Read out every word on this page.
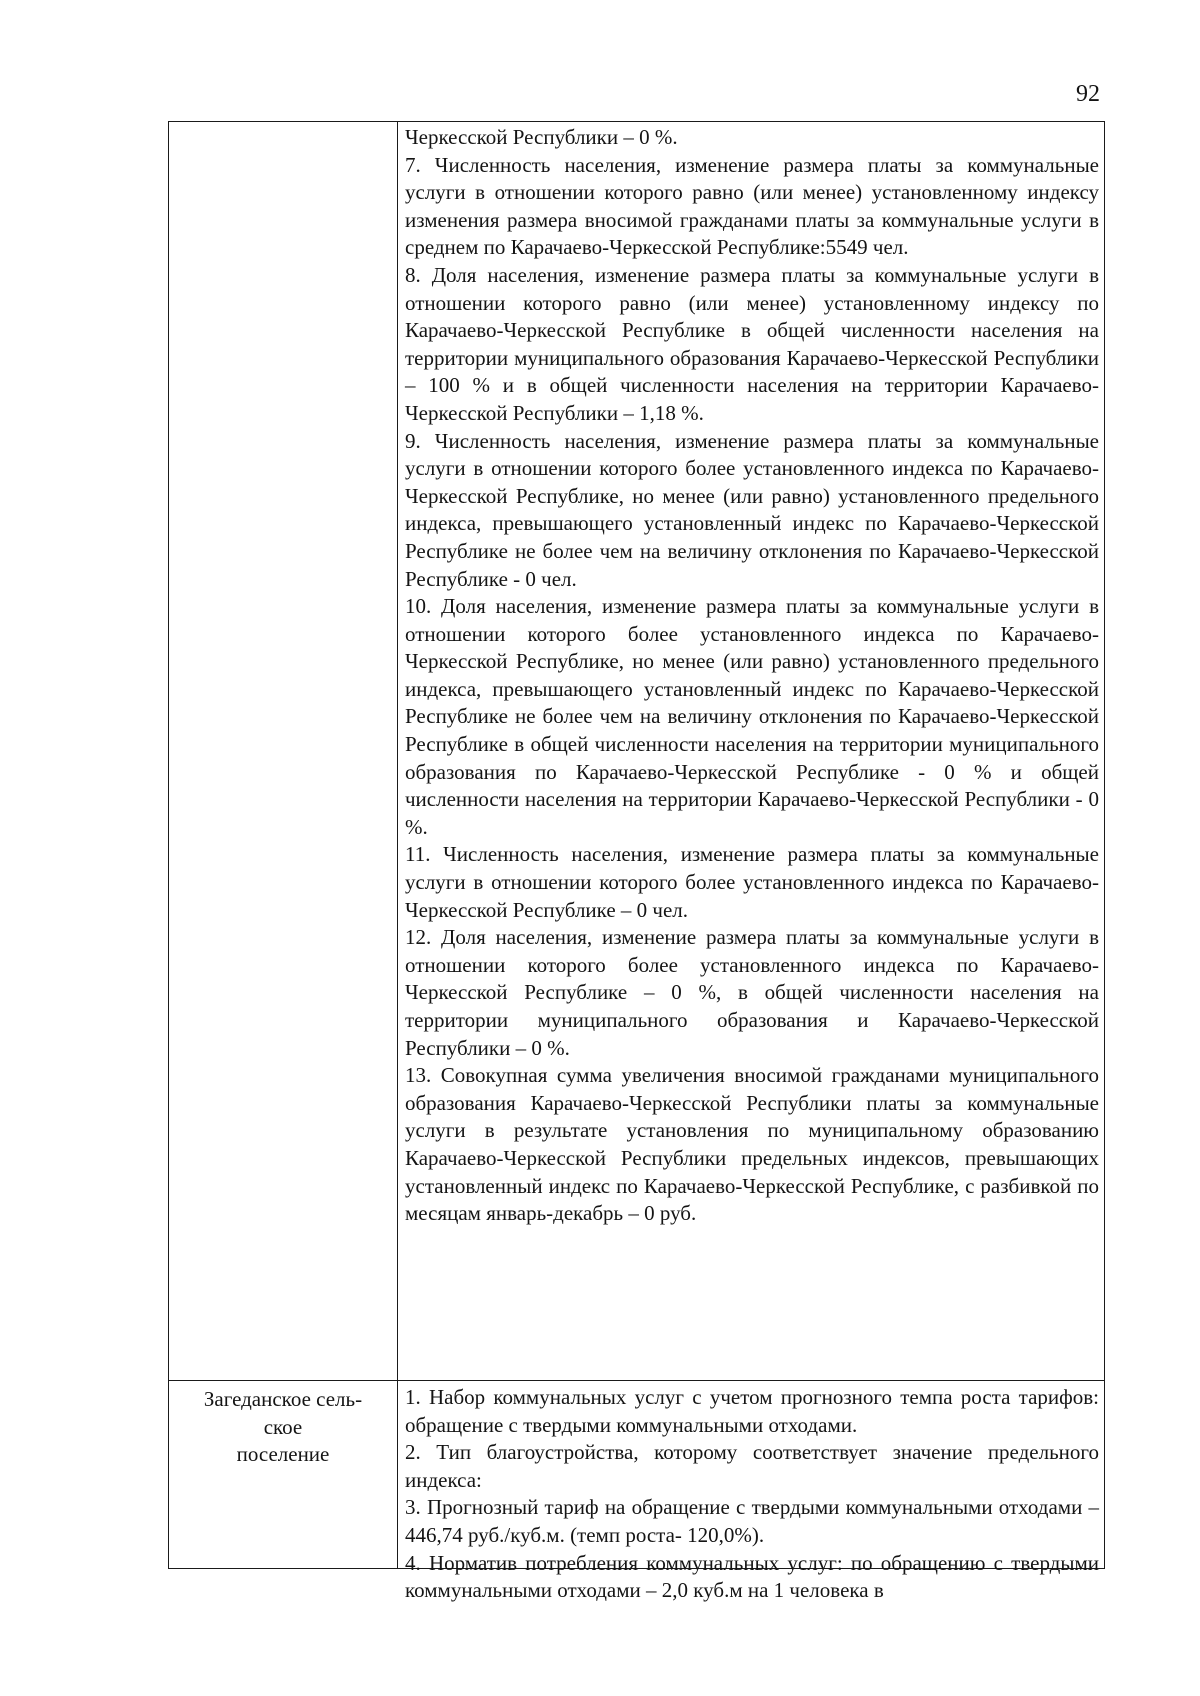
92
Загеданское сель-
ское
поселение
Черкесской Республики – 0 %.
7. Численность населения, изменение размера платы за коммунальные услуги в отношении которого равно (или менее) установленному индексу изменения размера вносимой гражданами платы за коммунальные услуги в среднем по Карачаево-Черкесской Республике:5549 чел.
8. Доля населения, изменение размера платы за коммунальные услуги в отношении которого равно (или менее) установленному индексу по Карачаево-Черкесской Республике в общей численности населения на территории муниципального образования Карачаево-Черкесской Республики – 100 % и в общей численности населения на территории Карачаево-Черкесской Республики – 1,18 %.
9. Численность населения, изменение размера платы за коммунальные услуги в отношении которого более установленного индекса по Карачаево-Черкесской Республике, но менее (или равно) установленного предельного индекса, превышающего установленный индекс по Карачаево-Черкесской Республике не более чем на величину отклонения по Карачаево-Черкесской Республике - 0 чел.
10. Доля населения, изменение размера платы за коммунальные услуги в отношении которого более установленного индекса по Карачаево-Черкесской Республике, но менее (или равно) установленного предельного индекса, превышающего установленный индекс по Карачаево-Черкесской Республике не более чем на величину отклонения по Карачаево-Черкесской Республике в общей численности населения на территории муниципального образования по Карачаево-Черкесской Республике - 0 % и общей численности населения на территории Карачаево-Черкесской Республики - 0 %.
11. Численность населения, изменение размера платы за коммунальные услуги в отношении которого более установленного индекса по Карачаево-Черкесской Республике – 0 чел.
12. Доля населения, изменение размера платы за коммунальные услуги в отношении которого более установленного индекса по Карачаево-Черкесской Республике – 0 %, в общей численности населения на территории муниципального образования и Карачаево-Черкесской Республики – 0 %.
13. Совокупная сумма увеличения вносимой гражданами муниципального образования Карачаево-Черкесской Республики платы за коммунальные услуги в результате установления по муниципальному образованию Карачаево-Черкесской Республики предельных индексов, превышающих установленный индекс по Карачаево-Черкесской Республике, с разбивкой по месяцам январь-декабрь – 0 руб.
1. Набор коммунальных услуг с учетом прогнозного темпа роста тарифов: обращение с твердыми коммунальными отходами.
2. Тип благоустройства, которому соответствует значение предельного индекса:
3. Прогнозный тариф на обращение с твердыми коммунальными отходами – 446,74 руб./куб.м. (темп роста- 120,0%).
4. Норматив потребления коммунальных услуг: по обращению с твердыми коммунальными отходами – 2,0 куб.м на 1 человека в
